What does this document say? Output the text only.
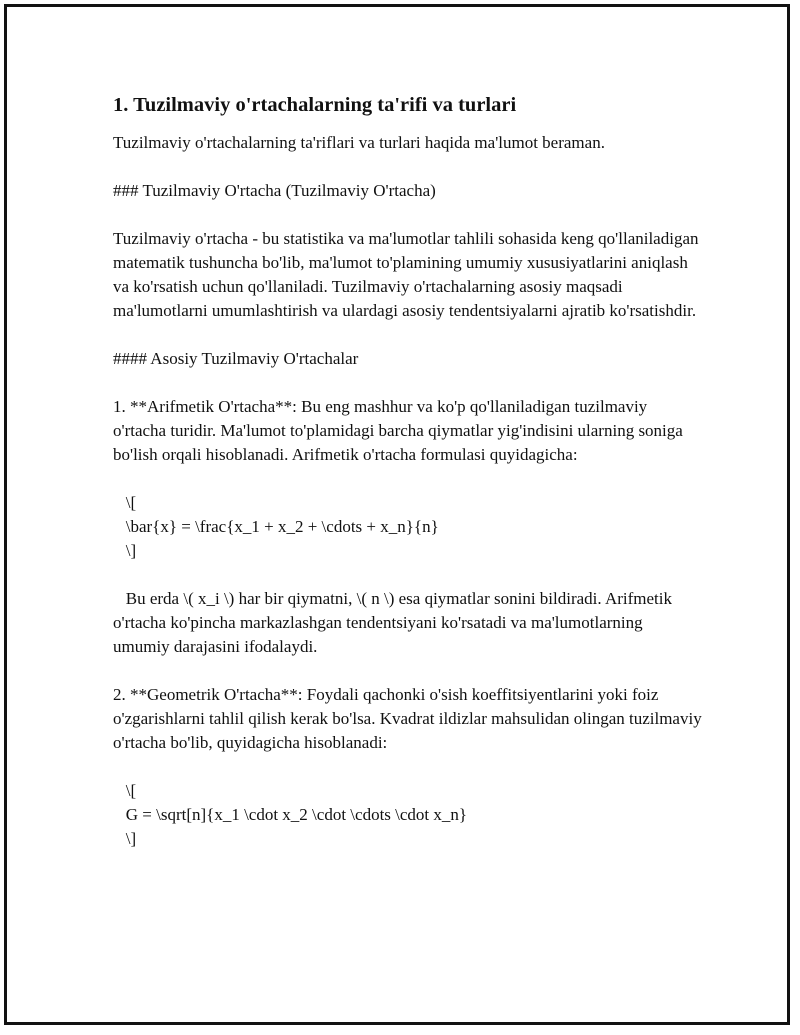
1. Tuzilmaviy o'rtachalarning ta'rifi va turlari

Tuzilmaviy o'rtachalarning ta'riflari va turlari haqida ma'lumot beraman.

### Tuzilmaviy O'rtacha (Tuzilmaviy O'rtacha)

Tuzilmaviy o'rtacha - bu statistika va ma'lumotlar tahlili sohasida keng qo'llaniladigan matematik tushuncha bo'lib, ma'lumot to'plamining umumiy xususiyatlarini aniqlash va ko'rsatish uchun qo'llaniladi. Tuzilmaviy o'rtachalarning asosiy maqsadi ma'lumotlarni umumlashtirish va ulardagi asosiy tendentsiyalarni ajratib ko'rsatishdir.

#### Asosiy Tuzilmaviy O'rtachalar

1. **Arifmetik O'rtacha**: Bu eng mashhur va ko'p qo'llaniladigan tuzilmaviy o'rtacha turidir. Ma'lumot to'plamidagi barcha qiymatlar yig'indisini ularning soniga bo'lish orqali hisoblanadi. Arifmetik o'rtacha formulasi quyidagicha:

\[
\bar{x} = \frac{x_1 + x_2 + \cdots + x_n}{n}
\]

Bu erda \( x_i \) har bir qiymatni, \( n \) esa qiymatlar sonini bildiradi. Arifmetik o'rtacha ko'pincha markazlashgan tendentsiyani ko'rsatadi va ma'lumotlarning umumiy darajasini ifodalaydi.

2. **Geometrik O'rtacha**: Foydali qachonki o'sish koeffitsiyentlarini yoki foiz o'zgarishlarni tahlil qilish kerak bo'lsa. Kvadrat ildizlar mahsulidan olingan tuzilmaviy o'rtacha bo'lib, quyidagicha hisoblanadi:

\[
G = \sqrt[n]{x_1 \cdot x_2 \cdot \cdots \cdot x_n}
\]
